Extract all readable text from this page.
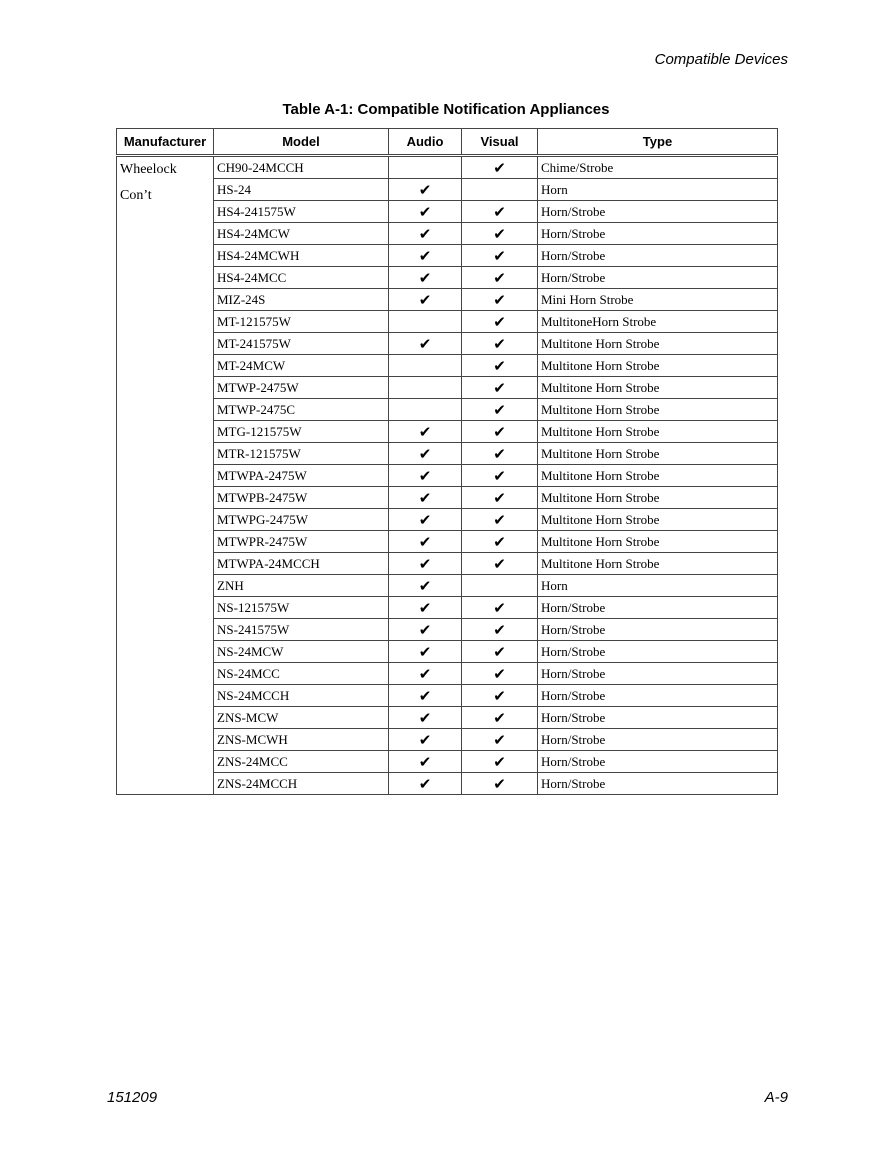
Compatible Devices
Table A-1: Compatible Notification Appliances
Manufacturer	Model	Audio	Visual	Type

Wheelock
Con’t	CH90-24MCCH		✔	Chime/Strobe
	HS-24	✔		Horn
	HS4-241575W	✔	✔	Horn/Strobe
	HS4-24MCW	✔	✔	Horn/Strobe
	HS4-24MCWH	✔	✔	Horn/Strobe
	HS4-24MCC	✔	✔	Horn/Strobe
	MIZ-24S	✔	✔	Mini Horn Strobe
	MT-121575W		✔	MultitoneHorn Strobe
	MT-241575W	✔	✔	Multitone Horn Strobe
	MT-24MCW		✔	Multitone Horn Strobe
	MTWP-2475W		✔	Multitone Horn Strobe
	MTWP-2475C		✔	Multitone Horn Strobe
	MTG-121575W	✔	✔	Multitone Horn Strobe
	MTR-121575W	✔	✔	Multitone Horn Strobe
	MTWPA-2475W	✔	✔	Multitone Horn Strobe
	MTWPB-2475W	✔	✔	Multitone Horn Strobe
	MTWPG-2475W	✔	✔	Multitone Horn Strobe
	MTWPR-2475W	✔	✔	Multitone Horn Strobe
	MTWPA-24MCCH	✔	✔	Multitone Horn Strobe
	ZNH	✔		Horn
	NS-121575W	✔	✔	Horn/Strobe
	NS-241575W	✔	✔	Horn/Strobe
	NS-24MCW	✔	✔	Horn/Strobe
	NS-24MCC	✔	✔	Horn/Strobe
	NS-24MCCH	✔	✔	Horn/Strobe
	ZNS-MCW	✔	✔	Horn/Strobe
	ZNS-MCWH	✔	✔	Horn/Strobe
	ZNS-24MCC	✔	✔	Horn/Strobe
	ZNS-24MCCH	✔	✔	Horn/Strobe
151209	A-9
